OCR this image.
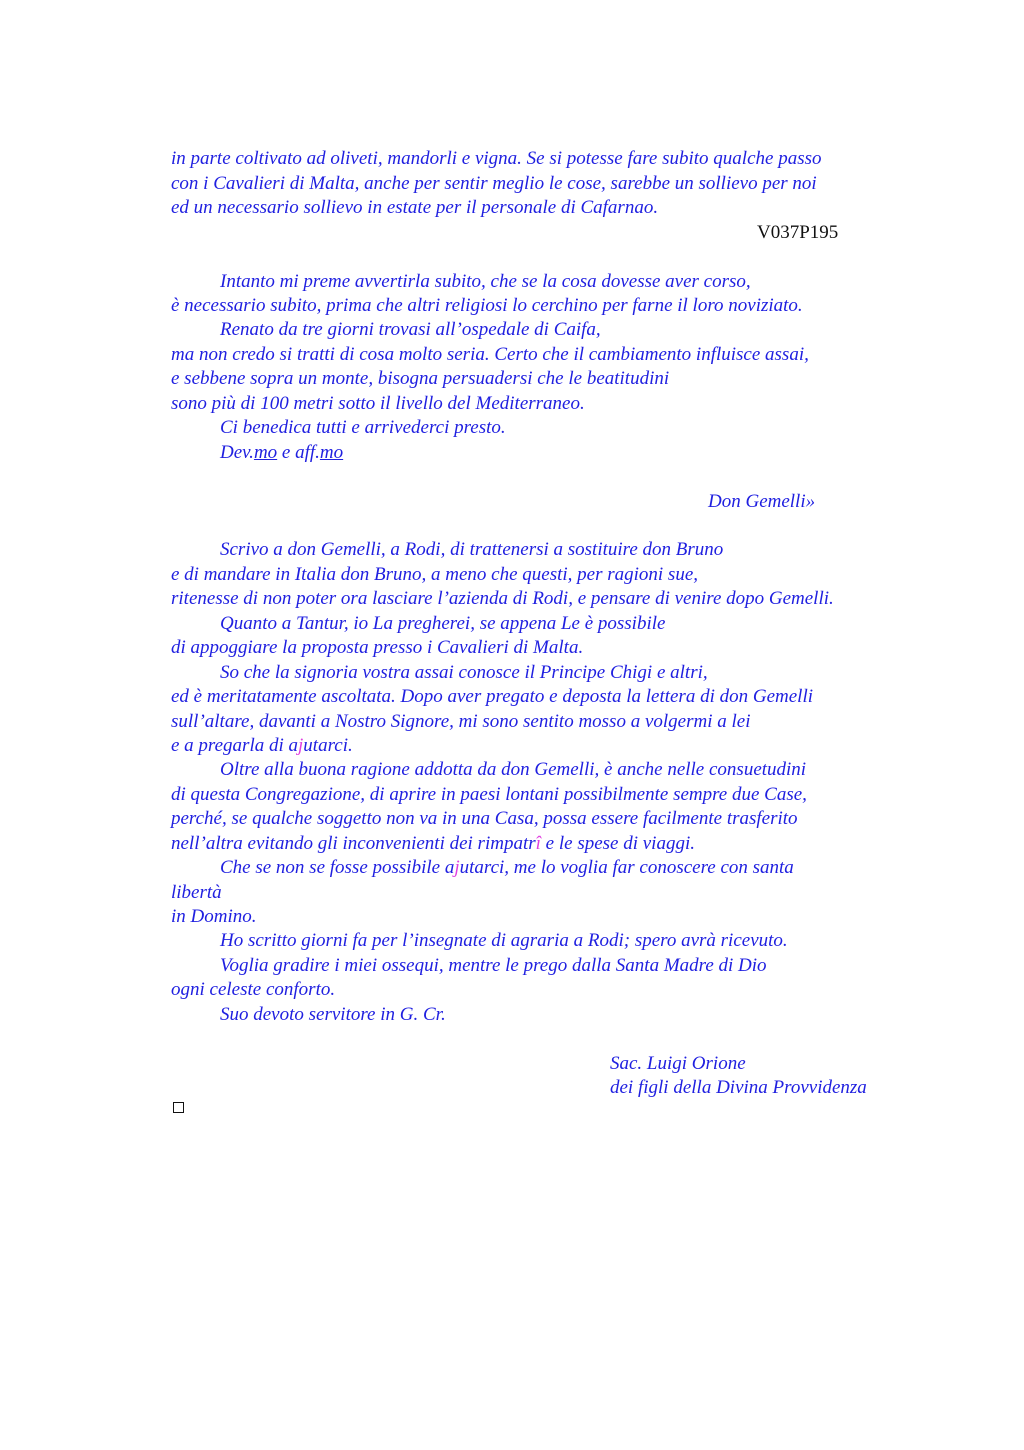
in parte coltivato ad oliveti, mandorli e vigna. Se si potesse fare subito qualche passo
con i Cavalieri di Malta, anche per sentir meglio le cose, sarebbe un sollievo per noi
ed un necessario sollievo in estate per il personale di Cafarnao.
V037P195
Intanto mi preme avvertirla subito, che se la cosa dovesse aver corso,
è necessario subito, prima che altri religiosi lo cerchino per farne il loro noviziato.
Renato da tre giorni trovasi all’ospedale di Caifa,
ma non credo si tratti di cosa molto seria. Certo che il cambiamento influisce assai,
e sebbene sopra un monte, bisogna persuadersi che le beatitudini
sono più di 100 metri sotto il livello del Mediterraneo.
Ci benedica tutti e arrivederci presto.
Dev.mo e aff.mo
Don Gemelli»
Scrivo a don Gemelli, a Rodi, di trattenersi a sostituire don Bruno
e di mandare in Italia don Bruno, a meno che questi, per ragioni sue,
ritenesse di non poter ora lasciare l’azienda di Rodi, e pensare di venire dopo Gemelli.
Quanto a Tantur, io La pregherei, se appena Le è possibile
di appoggiare la proposta presso i Cavalieri di Malta.
So che la signoria vostra assai conosce il Principe Chigi e altri,
ed è meritatamente ascoltata. Dopo aver pregato e deposta la lettera di don Gemelli
sull’altare, davanti a Nostro Signore, mi sono sentito mosso a volgermi a lei
e a pregarla di ajutarci.
Oltre alla buona ragione addotta da don Gemelli, è anche nelle consuetudini
di questa Congregazione, di aprire in paesi lontani possibilmente sempre due Case,
perché, se qualche soggetto non va in una Casa, possa essere facilmente trasferito
nell’altra evitando gli inconvenienti dei rimpatrî e le spese di viaggi.
Che se non se fosse possibile ajutarci, me lo voglia far conoscere con santa
libertà
in Domino.
Ho scritto giorni fa per l’insegnate di agraria a Rodi; spero avrà ricevuto.
Voglia gradire i miei ossequi, mentre le prego dalla Santa Madre di Dio
ogni celeste conforto.
Suo devoto servitore in G. Cr.
Sac. Luigi Orione
dei figli della Divina Provvidenza
